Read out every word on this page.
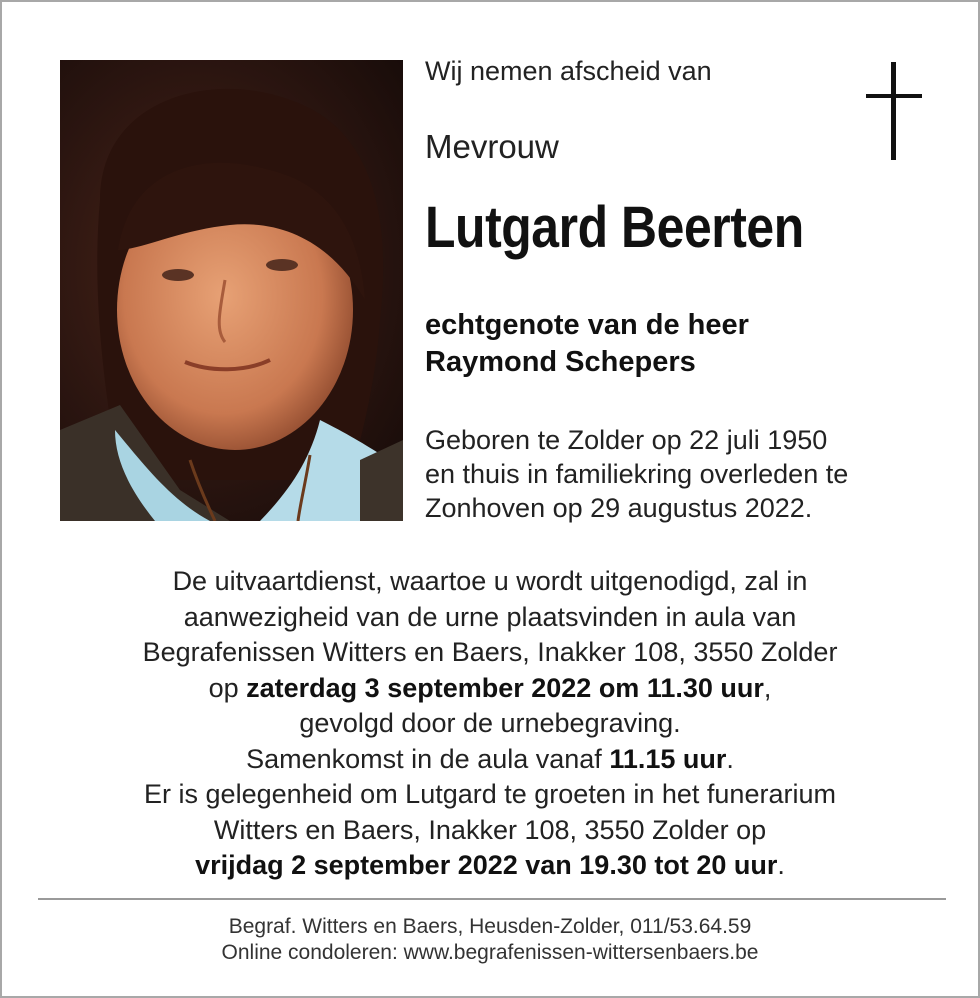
Wij nemen afscheid van
Mevrouw
Lutgard Beerten
echtgenote van de heer
Raymond Schepers
Geboren te Zolder op 22 juli 1950
en thuis in familiekring overleden te
Zonhoven op 29 augustus 2022.
De uitvaartdienst, waartoe u wordt uitgenodigd, zal in
aanwezigheid van de urne plaatsvinden in aula van
Begrafenissen Witters en Baers, Inakker 108, 3550 Zolder
op zaterdag 3 september 2022 om 11.30 uur,
gevolgd door de urnebegraving.
Samenkomst in de aula vanaf 11.15 uur.
Er is gelegenheid om Lutgard te groeten in het funerarium
Witters en Baers, Inakker 108, 3550 Zolder op
vrijdag 2 september 2022 van 19.30 tot 20 uur.
Begraf. Witters en Baers, Heusden-Zolder, 011/53.64.59
Online condoleren: www.begrafenissen-wittersenbaers.be
